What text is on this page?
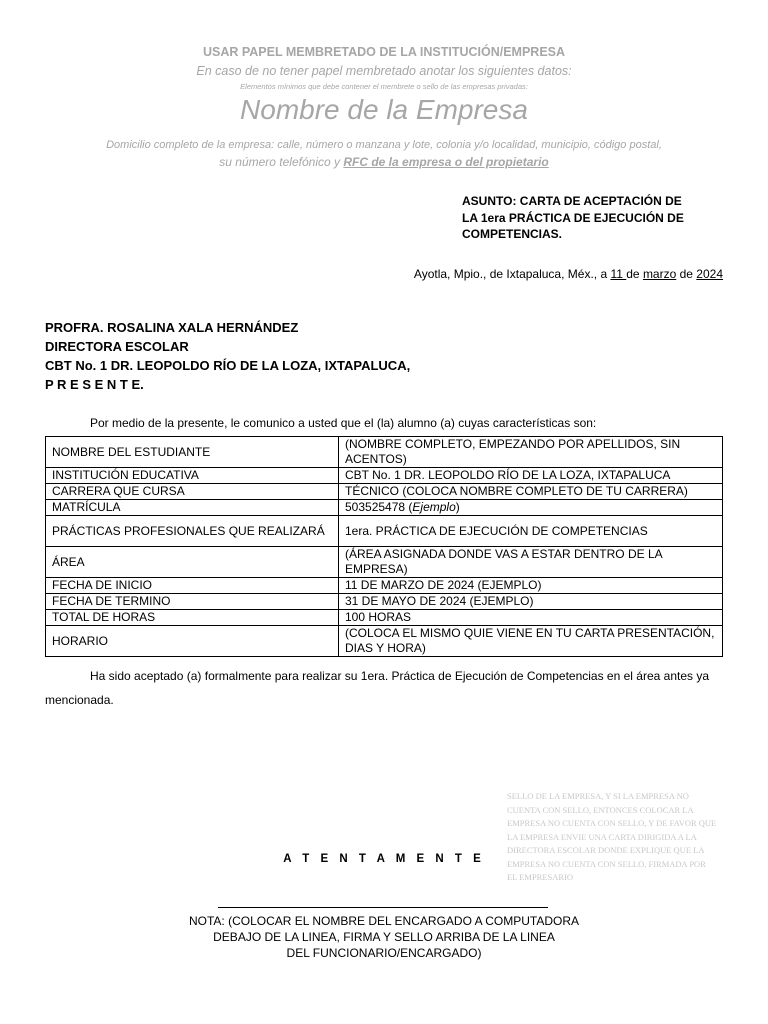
USAR PAPEL MEMBRETADO DE LA INSTITUCIÓN/EMPRESA
En caso de no tener papel membretado anotar los siguientes datos:
Elementos mínimos que debe contener el membrete o sello de las empresas privadas:
Nombre de la Empresa
Domicilio completo de la empresa: calle, número o manzana y lote, colonia y/o localidad, municipio, código postal,
su número telefónico y RFC de la empresa o del propietario
ASUNTO: CARTA DE ACEPTACIÓN DE
LA 1era PRÁCTICA DE EJECUCIÓN DE
COMPETENCIAS.
Ayotla, Mpio., de Ixtapaluca, Méx., a 11 de marzo de 2024
PROFRA. ROSALINA XALA HERNÁNDEZ
DIRECTORA ESCOLAR
CBT No. 1 DR. LEOPOLDO RÍO DE LA LOZA, IXTAPALUCA,
P R E S E N T E.
Por medio de la presente, le comunico a usted que el (la) alumno (a) cuyas características son:
NOMBRE DEL ESTUDIANTE	(NOMBRE COMPLETO, EMPEZANDO POR APELLIDOS, SIN ACENTOS)
INSTITUCIÓN EDUCATIVA	CBT No. 1 DR. LEOPOLDO RÍO DE LA LOZA, IXTAPALUCA
CARRERA QUE CURSA	TÉCNICO (COLOCA NOMBRE COMPLETO DE TU CARRERA)
MATRÍCULA	503525478 (Ejemplo)
PRÁCTICAS PROFESIONALES QUE REALIZARÁ	1era. PRÁCTICA DE EJECUCIÓN DE COMPETENCIAS
ÁREA	(ÁREA ASIGNADA DONDE VAS A ESTAR DENTRO DE LA EMPRESA)
FECHA DE INICIO	11 DE MARZO DE 2024 (EJEMPLO)
FECHA DE TERMINO	31 DE MAYO DE 2024 (EJEMPLO)
TOTAL DE HORAS	100 HORAS
HORARIO	(COLOCA EL MISMO QUIE VIENE EN TU CARTA PRESENTACIÓN, DIAS Y HORA)
Ha sido aceptado (a) formalmente para realizar su 1era. Práctica de Ejecución de Competencias en el área antes ya mencionada.
SELLO DE LA EMPRESA, Y SI LA EMPRESA NO CUENTA CON SELLO, ENTONCES COLOCAR LA EMPRESA NO CUENTA CON SELLO, Y DE FAVOR QUE LA EMPRESA ENVIE UNA CARTA DIRIGIDA A LA DIRECTORA ESCOLAR DONDE EXPLIQUE QUE LA EMPRESA NO CUENTA CON SELLO, FIRMADA POR EL EMPRESARIO
A T E N T A M E N T E
NOTA: (COLOCAR EL NOMBRE DEL ENCARGADO A COMPUTADORA
DEBAJO DE LA LINEA, FIRMA Y SELLO ARRIBA DE LA LINEA
DEL FUNCIONARIO/ENCARGADO)
